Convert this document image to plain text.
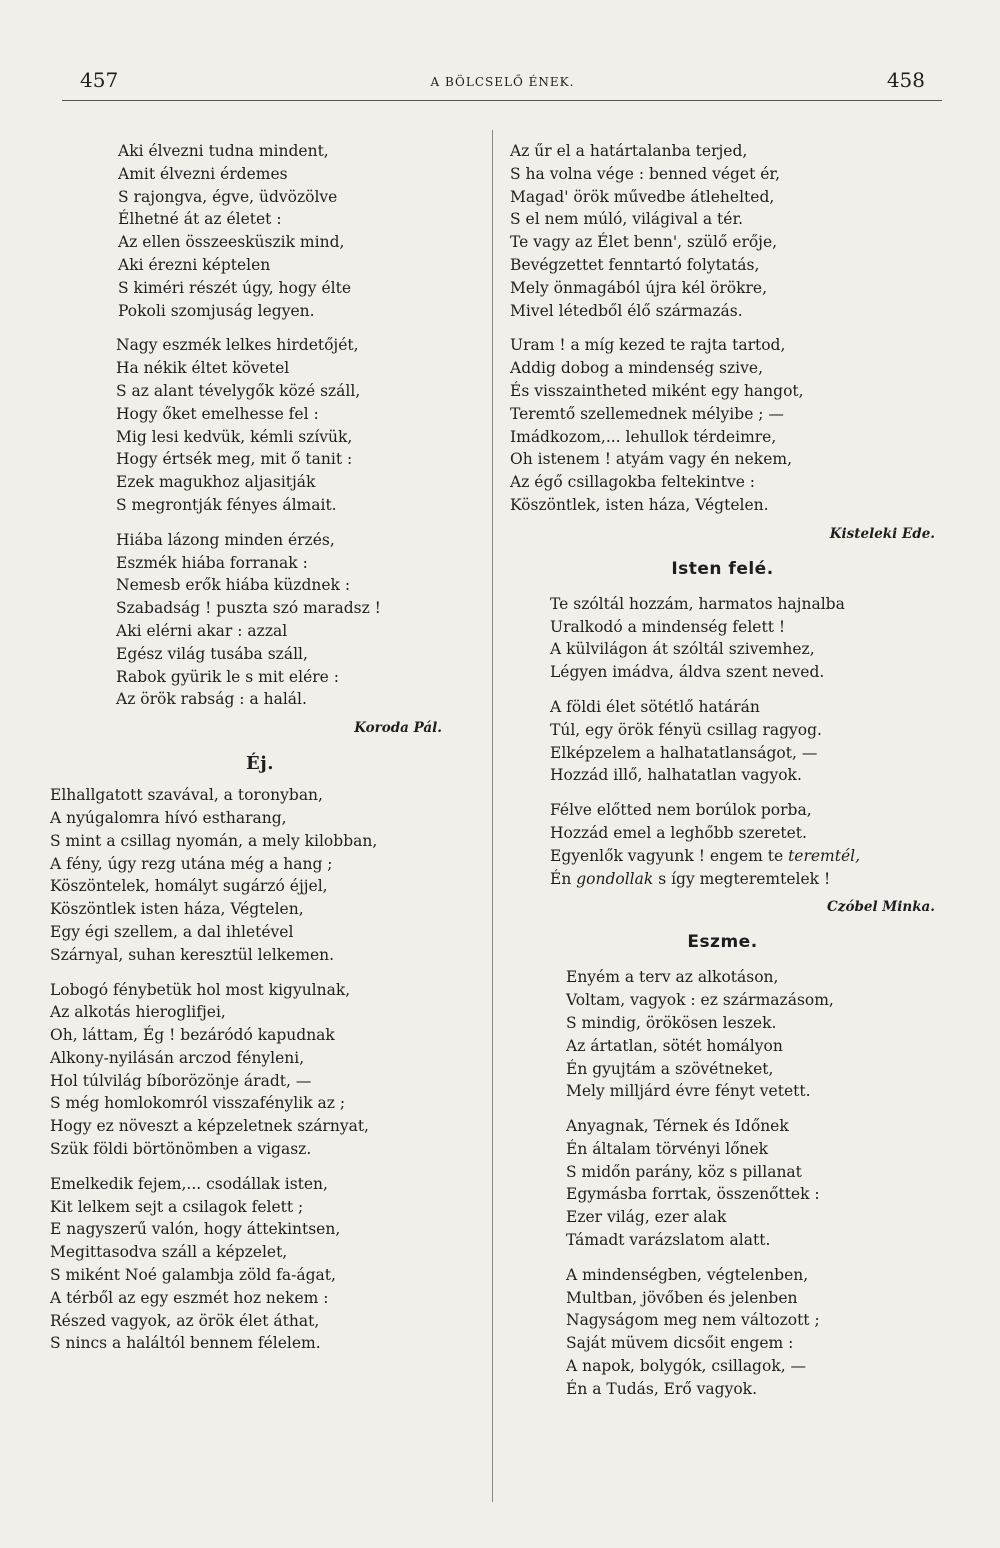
457	A BÖLCSELŐ ÉNEK.	458
Aki élvezni tudna mindent,
Amit élvezni érdemes
S rajongva, égve, üdvözölve
Élhetné át az életet :
Az ellen összeesküszik mind,
Aki érezni képtelen
S kiméri részét úgy, hogy élte
Pokoli szomjuság legyen.
Nagy eszmék lelkes hirdetőjét,
Ha nékik éltet követel
S az alant tévelygők közé száll,
Hogy őket emelhesse fel :
Mig lesi kedvük, kémli szívük,
Hogy értsék meg, mit ő tanit :
Ezek magukhoz aljasitják
S megrontják fényes álmait.
Hiába lázong minden érzés,
Eszmék hiába forranak :
Nemesb erők hiába küzdnek :
Szabadság ! puszta szó maradsz !
Aki elérni akar : azzal
Egész világ tusába száll,
Rabok gyürik le s mit elére :
Az örök rabság : a halál.
Koroda Pál.
Éj.
Elhallgatott szavával, a toronyban,
A nyúgalomra hívó estharang,
S mint a csillag nyomán, a mely kilobban,
A fény, úgy rezg utána még a hang ;
Köszöntelek, homályt sugárzó éjjel,
Köszöntlek isten háza, Végtelen,
Egy égi szellem, a dal ihletével
Szárnyal, suhan keresztül lelkemen.
Lobogó fénybetük hol most kigyulnak,
Az alkotás hieroglifjei,
Oh, láttam, Ég ! bezáródó kapudnak
Alkony-nyilásán arczod fényleni,
Hol túlvilág bíborözönje áradt, —
S még homlokomról visszafénylik az ;
Hogy ez növeszt a képzeletnek szárnyat,
Szük földi börtönömben a vigasz.
Emelkedik fejem,... csodállak isten,
Kit lelkem sejt a csilagok felett ;
E nagyszerű valón, hogy áttekintsen,
Megittasodva száll a képzelet,
S miként Noé galambja zöld fa-ágat,
A térből az egy eszmét hoz nekem :
Részed vagyok, az örök élet áthat,
S nincs a haláltól bennem félelem.
Az űr el a határtalanba terjed,
S ha volna vége : benned véget ér,
Magad' örök művedbe átlehelted,
S el nem múló, világival a tér.
Te vagy az Élet benn', szülő erője,
Bevégzettet fenntartó folytatás,
Mely önmagából újra kél örökre,
Mivel létedből élő származás.
Uram ! a míg kezed te rajta tartod,
Addig dobog a mindenség szive,
És visszaintheted miként egy hangot,
Teremtő szellemednek mélyibe ; —
Imádkozom,... lehullok térdeimre,
Oh istenem ! atyám vagy én nekem,
Az égő csillagokba feltekintve :
Köszöntlek, isten háza, Végtelen.
Kisteleki Ede.
Isten felé.
Te szóltál hozzám, harmatos hajnalba
Uralkodó a mindenség felett !
A külvilágon át szóltál szivemhez,
Légyen imádva, áldva szent neved.
A földi élet sötétlő határán
Túl, egy örök fényü csillag ragyog.
Elképzelem a halhatatlanságot, —
Hozzád illő, halhatatlan vagyok.
Félve előtted nem borúlok porba,
Hozzád emel a leghőbb szeretet.
Egyenlők vagyunk ! engem te teremtél,
Én gondollak s így megteremtelek !
Czóbel Minka.
Eszme.
Enyém a terv az alkotáson,
Voltam, vagyok : ez származásom,
S mindig, örökösen leszek.
Az ártatlan, sötét homályon
Én gyujtám a szövétneket,
Mely milljárd évre fényt vetett.
Anyagnak, Térnek és Időnek
Én általam törvényi lőnek
S midőn parány, köz s pillanat
Egymásba forrtak, összenőttek :
Ezer világ, ezer alak
Támadt varázslatom alatt.
A mindenségben, végtelenben,
Multban, jövőben és jelenben
Nagyságom meg nem változott ;
Saját müvem dicsőit engem :
A napok, bolygók, csillagok, —
Én a Tudás, Erő vagyok.
